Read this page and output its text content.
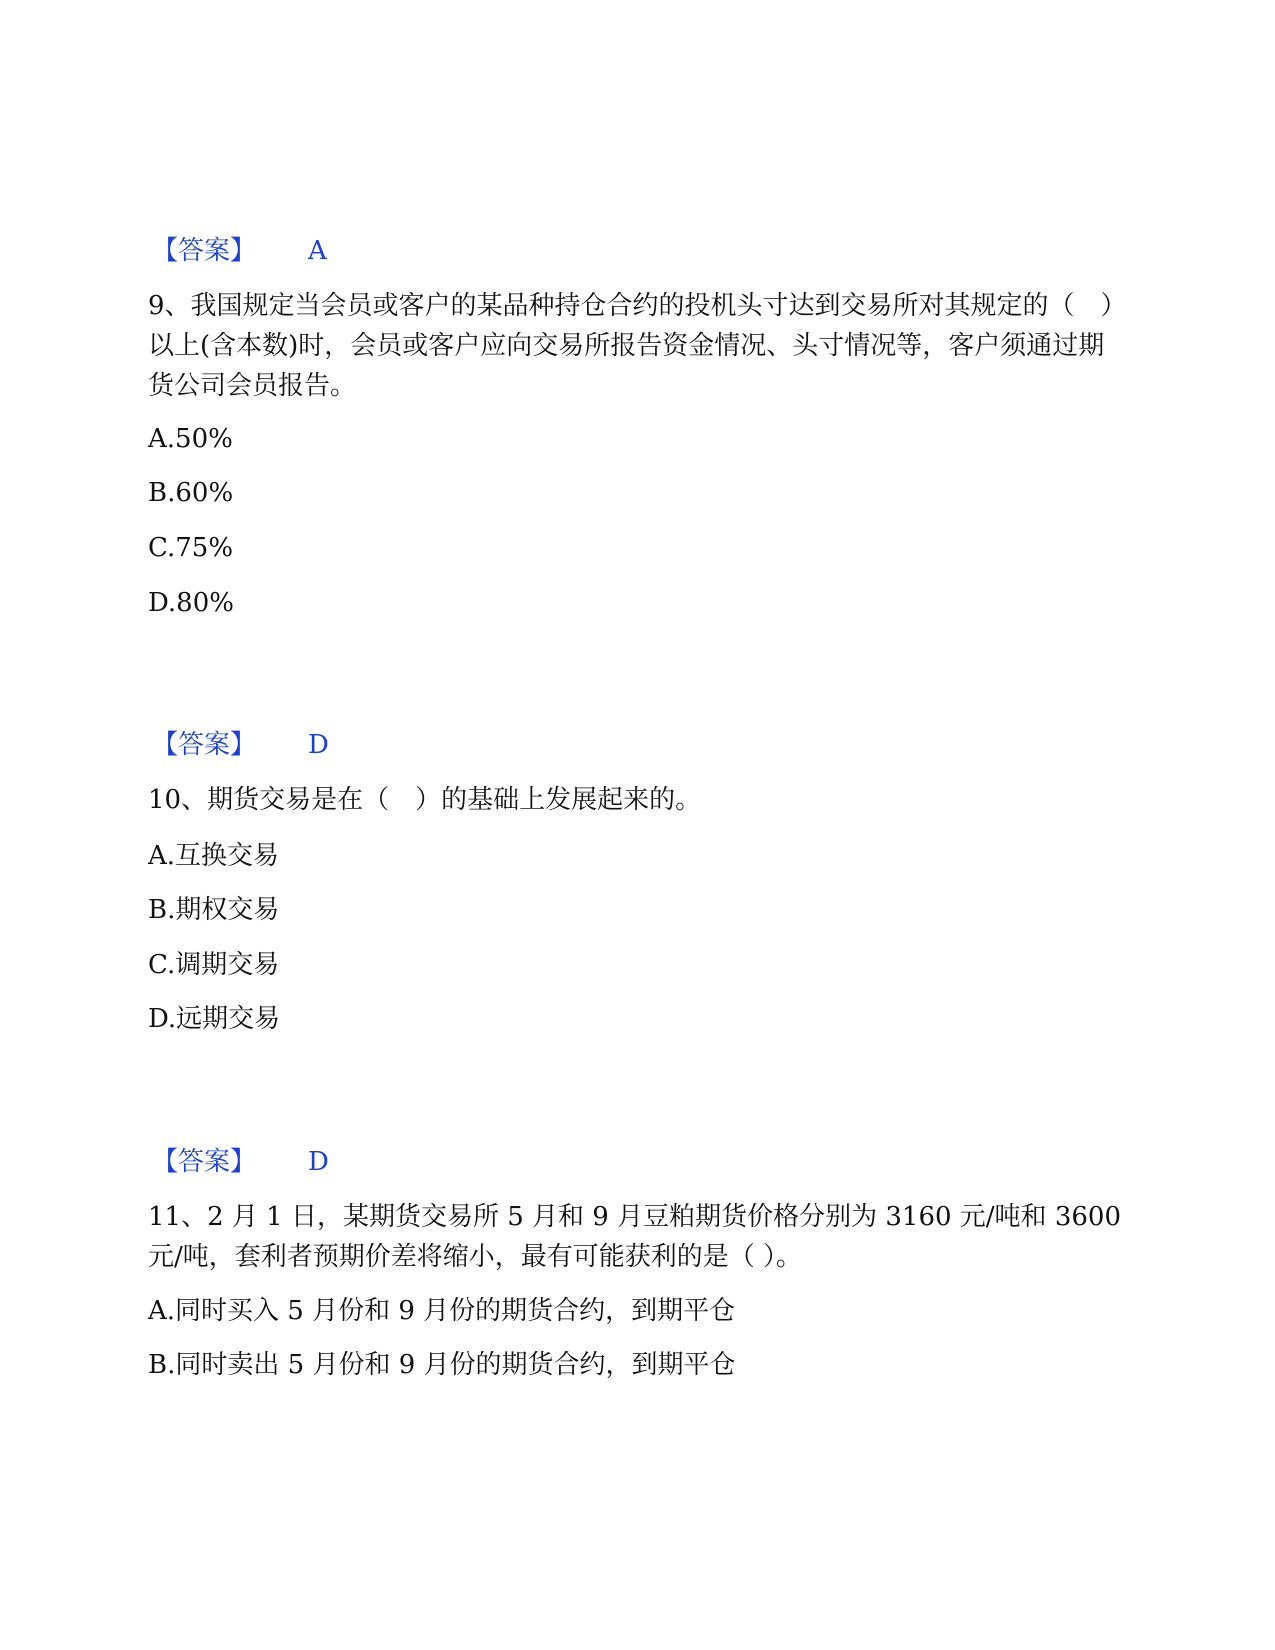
【答案】 A
9、我国规定当会员或客户的某品种持仓合约的投机头寸达到交易所对其规定的（　）以上(含本数)时，会员或客户应向交易所报告资金情况、头寸情况等，客户须通过期货公司会员报告。
A.50%
B.60%
C.75%
D.80%
【答案】 D
10、期货交易是在（　）的基础上发展起来的。
A.互换交易
B.期权交易
C.调期交易
D.远期交易
【答案】 D
11、2 月 1 日，某期货交易所 5 月和 9 月豆粕期货价格分别为 3160 元/吨和 3600 元/吨，套利者预期价差将缩小，最有可能获利的是（ ）。
A.同时买入 5 月份和 9 月份的期货合约，到期平仓
B.同时卖出 5 月份和 9 月份的期货合约，到期平仓
